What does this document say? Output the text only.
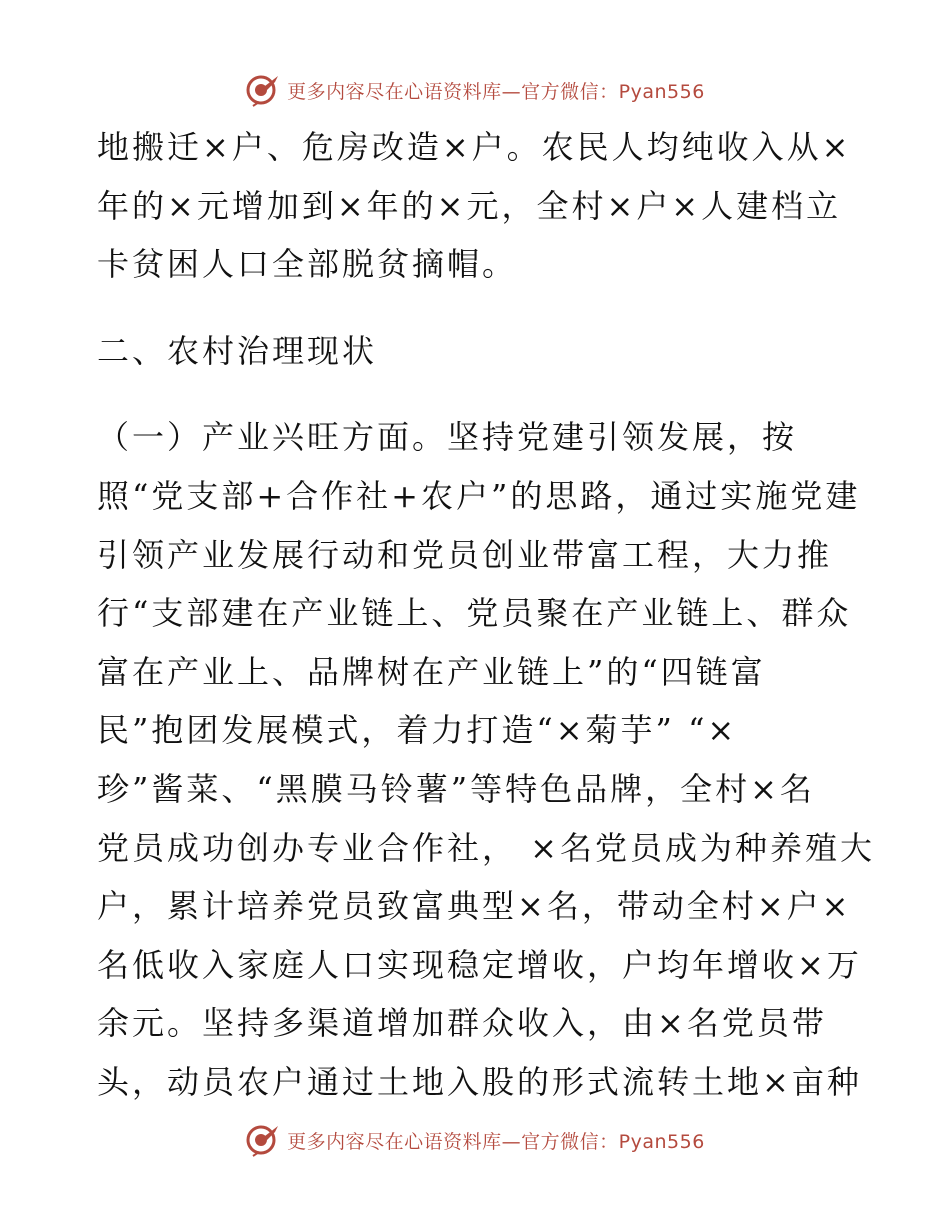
更多内容尽在心语资料库—官方微信：Pyan556
地搬迁×户、危房改造×户。农民人均纯收入从×
年的×元增加到×年的×元，全村×户×人建档立
卡贫困人口全部脱贫摘帽。
二、农村治理现状
（一）产业兴旺方面。坚持党建引领发展，按
照“党支部+合作社+农户”的思路，通过实施党建
引领产业发展行动和党员创业带富工程，大力推
行“支部建在产业链上、党员聚在产业链上、群众
富在产业上、品牌树在产业链上”的“四链富
民”抱团发展模式，着力打造“×菊芋” “×
珍”酱菜、“黑膜马铃薯”等特色品牌，全村×名
党员成功创办专业合作社， ×名党员成为种养殖大
户，累计培养党员致富典型×名，带动全村×户×
名低收入家庭人口实现稳定增收，户均年增收×万
余元。坚持多渠道增加群众收入，由×名党员带
头，动员农户通过土地入股的形式流转土地×亩种
更多内容尽在心语资料库—官方微信：Pyan556
